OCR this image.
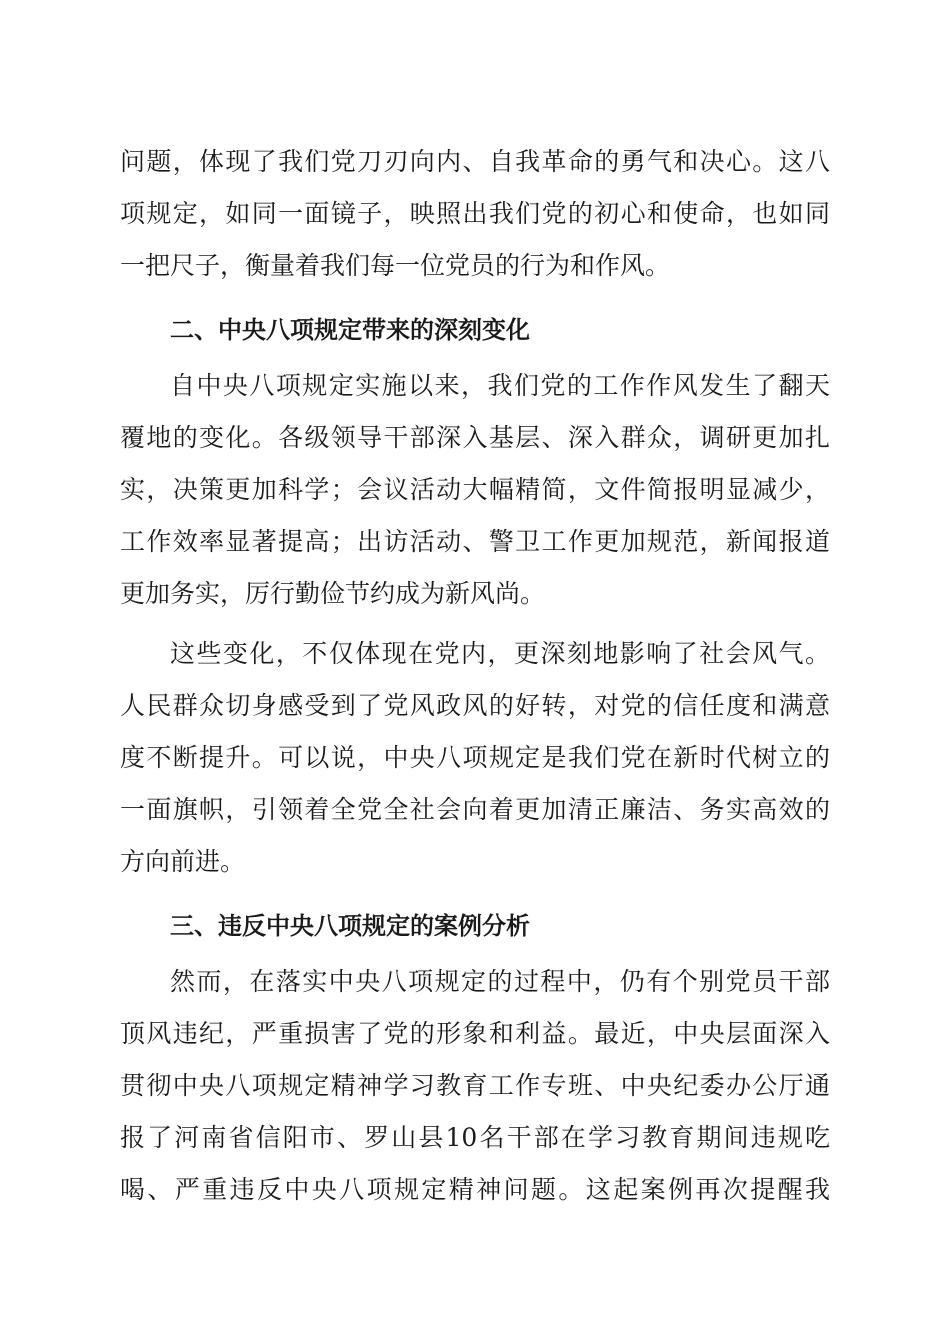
问题，体现了我们党刀刃向内、自我革命的勇气和决心。这八
项规定，如同一面镜子，映照出我们党的初心和使命，也如同
一把尺子，衡量着我们每一位党员的行为和作风。
二、中央八项规定带来的深刻变化
自中央八项规定实施以来，我们党的工作作风发生了翻天
覆地的变化。各级领导干部深入基层、深入群众，调研更加扎
实，决策更加科学；会议活动大幅精简，文件简报明显减少，
工作效率显著提高；出访活动、警卫工作更加规范，新闻报道
更加务实，厉行勤俭节约成为新风尚。
这些变化，不仅体现在党内，更深刻地影响了社会风气。
人民群众切身感受到了党风政风的好转，对党的信任度和满意
度不断提升。可以说，中央八项规定是我们党在新时代树立的
一面旗帜，引领着全党全社会向着更加清正廉洁、务实高效的
方向前进。
三、违反中央八项规定的案例分析
然而，在落实中央八项规定的过程中，仍有个别党员干部
顶风违纪，严重损害了党的形象和利益。最近，中央层面深入
贯彻中央八项规定精神学习教育工作专班、中央纪委办公厅通
报了河南省信阳市、罗山县10名干部在学习教育期间违规吃
喝、严重违反中央八项规定精神问题。这起案例再次提醒我
